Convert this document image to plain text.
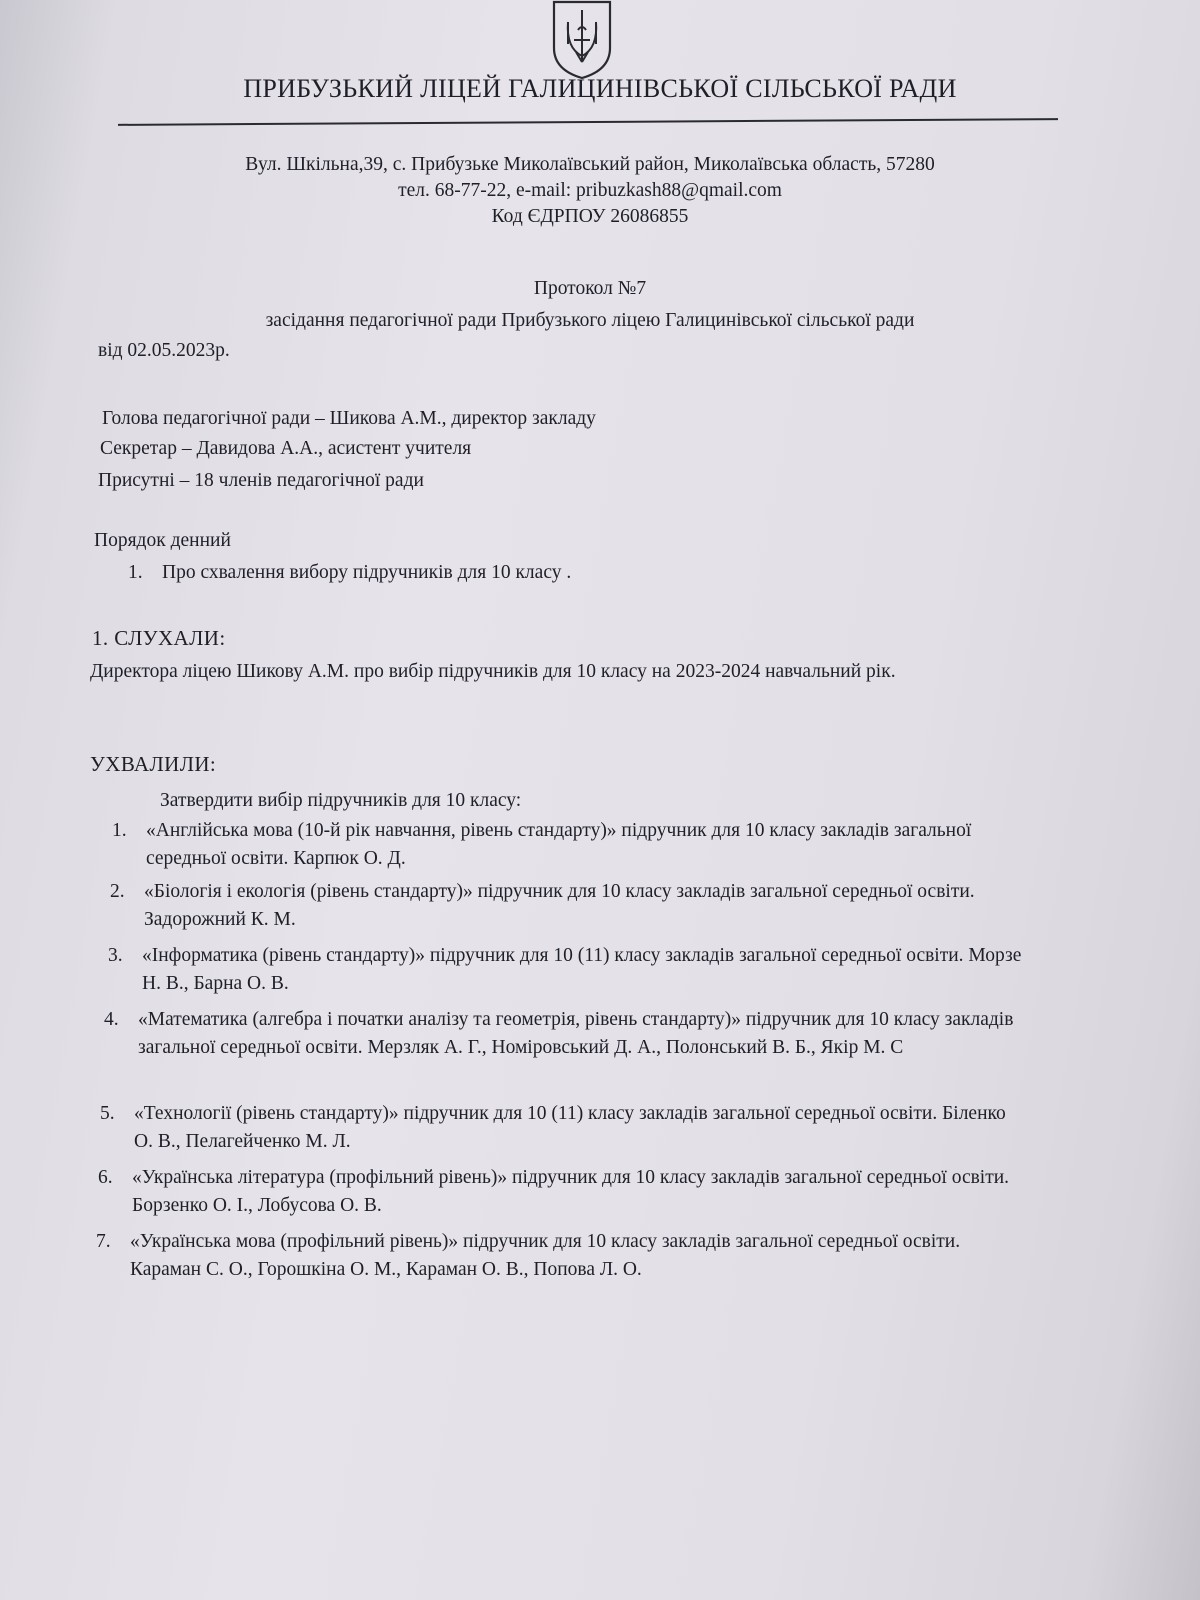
ПРИБУЗЬКИЙ ЛІЦЕЙ ГАЛИЦИНІВСЬКОЇ СІЛЬСЬКОЇ РАДИ
Вул. Шкільна,39, с. Прибузьке Миколаївський район, Миколаївська область, 57280
тел. 68-77-22, e-mail: pribuzkash88@qmail.com
Код ЄДРПОУ 26086855
Протокол №7
засідання педагогічної ради Прибузького ліцею Галицинівської сільської ради
від 02.05.2023р.
Голова педагогічної ради – Шикова А.М., директор закладу
Секретар – Давидова А.А., асистент учителя
Присутні – 18 членів педагогічної ради
Порядок денний
1. Про схвалення вибору підручників для 10 класу .
1. СЛУХАЛИ:
Директора ліцею Шикову А.М. про вибір підручників для 10 класу на 2023-2024 навчальний рік.
УХВАЛИЛИ:
Затвердити вибір підручників для 10 класу:
1. «Англійська мова (10-й рік навчання, рівень стандарту)» підручник для 10 класу закладів загальної середньої освіти. Карпюк О. Д.
2. «Біологія і екологія (рівень стандарту)» підручник для 10 класу закладів загальної середньої освіти. Задорожний К. М.
3. «Інформатика (рівень стандарту)» підручник для 10 (11) класу закладів загальної середньої освіти. Морзе Н. В., Барна О. В.
4. «Математика (алгебра і початки аналізу та геометрія, рівень стандарту)» підручник для 10 класу закладів загальної середньої освіти. Мерзляк А. Г., Номіровський Д. А., Полонський В. Б., Якір М. С
5. «Технології (рівень стандарту)» підручник для 10 (11) класу закладів загальної середньої освіти. Біленко О. В., Пелагейченко М. Л.
6. «Українська література (профільний рівень)» підручник для 10 класу закладів загальної середньої освіти. Борзенко О. І., Лобусова О. В.
7. «Українська мова (профільний рівень)» підручник для 10 класу закладів загальної середньої освіти. Караман С. О., Горошкіна О. М., Караман О. В., Попова Л. О.
